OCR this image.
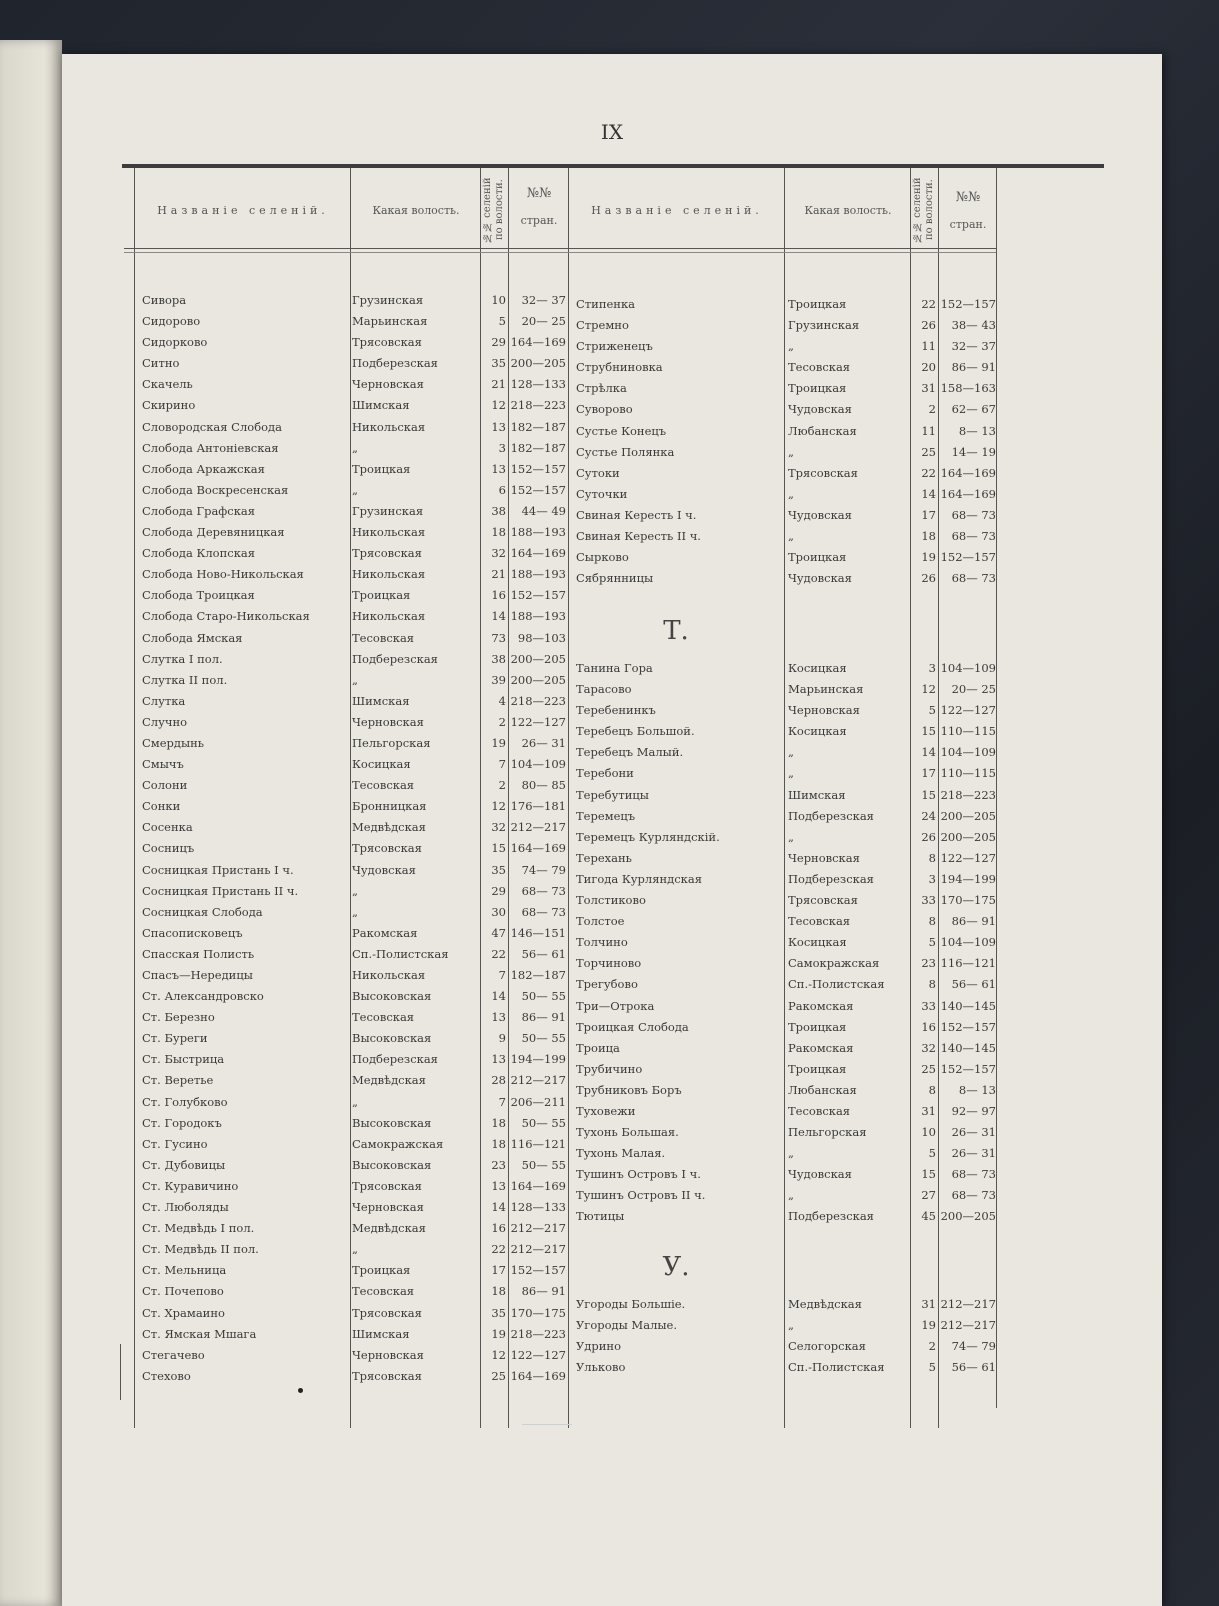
IX
Названіе селеній.	Какая волость.	№№ селеній по волости.	№№
стран.
Названіе селеній.	Какая волость.	№№ селеній по волости.	№№
стран.
Сивора	Грузинская	10	32— 37
Сидорово	Марьинская	5	20— 25
Сидорково	Трясовская	29 164—169
Ситно	Подберезская	35 200—205
Скачель	Черновская	21 128—133
Скирино	Шимская	12 218—223
Словородская Слобода	Никольская	13 182—187
Слобода Антоніевская	„	3 182—187
Слобода Аркажская	Троицкая	13 152—157
Слобода Воскресенская	„	6 152—157
Слобода Графская	Грузинская	38	44— 49
Слобода Деревяницкая	Никольская	18 188—193
Слобода Клопская	Трясовская	32 164—169
Слобода Ново-Никольская	Никольская	21 188—193
Слобода Троицкая	Троицкая	16 152—157
Слобода Старо-Никольская	Никольская	14 188—193
Слобода Ямская	Тесовская	73	98—103
Слутка I пол.	Подберезская	38 200—205
Слутка II пол.	„	39 200—205
Слутка	Шимская	4 218—223
Случно	Черновская	2 122—127
Смердынь	Пельгорская	19	26— 31
Смычъ	Косицкая	7 104—109
Солони	Тесовская	2	80— 85
Сонки	Бронницкая	12 176—181
Сосенка	Медвѣдская	32 212—217
Сосницъ	Трясовская	15 164—169
Сосницкая Пристань I ч.	Чудовская	35	74— 79
Сосницкая Пристань II ч.	„	29	68— 73
Сосницкая Слобода	„	30	68— 73
Спасописковецъ	Ракомская	47 146—151
Спасская Полисть	Сп.-Полистская	22	56— 61
Спасъ—Нередицы	Никольская	7 182—187
Ст. Александровско	Высоковская	14	50— 55
Ст. Березно	Тесовская	13	86— 91
Ст. Буреги	Высоковская	9	50— 55
Ст. Быстрица	Подберезская	13 194—199
Ст. Веретье	Медвѣдская	28 212—217
Ст. Голубково	„	7 206—211
Ст. Городокъ	Высоковская	18	50— 55
Ст. Гусино	Самокражская	18 116—121
Ст. Дубовицы	Высоковская	23	50— 55
Ст. Куравичино	Трясовская	13 164—169
Ст. Люболяды	Черновская	14 128—133
Ст. Медвѣдь I пол.	Медвѣдская	16 212—217
Ст. Медвѣдь II пол.	„	22 212—217
Ст. Мельница	Троицкая	17 152—157
Ст. Почепово	Тесовская	18	86— 91
Ст. Храмаино	Трясовская	35 170—175
Ст. Ямская Мшага	Шимская	19 218—223
Стегачево	Черновская	12 122—127
Стехово	Трясовская	25 164—169
Стипенка	Троицкая	22 152—157
Стремно	Грузинская	26	38— 43
Стриженецъ	„	11	32— 37
Струбниновка	Тесовская	20	86— 91
Стрѣлка	Троицкая	31 158—163
Суворово	Чудовская	2	62— 67
Сустье Конецъ	Любанская	11	8— 13
Сустье Полянка	„	25	14— 19
Сутоки	Трясовская	22 164—169
Суточки	„	14 164—169
Свиная Кересть I ч.	Чудовская	17	68— 73
Свиная Кересть II ч.	„	18	68— 73
Сырково	Троицкая	19 152—157
Сябрянницы	Чудовская	26	68— 73
Т.
Танина Гора	Косицкая	3 104—109
Тарасово	Марьинская	12	20— 25
Теребенинкъ	Черновская	5 122—127
Теребецъ Большой.	Косицкая	15 110—115
Теребецъ Малый.	„	14 104—109
Теребони	„	17 110—115
Теребутицы	Шимская	15 218—223
Теремецъ	Подберезская	24 200—205
Теремецъ Курляндскій.	„	26 200—205
Терехань	Черновская	8 122—127
Тигода Курляндская	Подберезская	3 194—199
Толстиково	Трясовская	33 170—175
Толстое	Тесовская	8	86— 91
Толчино	Косицкая	5 104—109
Торчиново	Самокражская	23 116—121
Трегубово	Сп.-Полистская	8	56— 61
Три—Отрока	Ракомская	33 140—145
Троицкая Слобода	Троицкая	16 152—157
Троица	Ракомская	32 140—145
Трубичино	Троицкая	25 152—157
Трубниковъ Боръ	Любанская	8	8— 13
Туховежи	Тесовская	31	92— 97
Тухонь Большая.	Пельгорская	10	26— 31
Тухонь Малая.	„	5	26— 31
Тушинъ Островъ I ч.	Чудовская	15	68— 73
Тушинъ Островъ II ч.	„	27	68— 73
Тютицы	Подберезская	45 200—205
У.
Угороды Большіе.	Медвѣдская	31 212—217
Угороды Малые.	„	19 212—217
Удрино	Селогорская	2	74— 79
Ульково	Сп.-Полистская	5	56— 61
